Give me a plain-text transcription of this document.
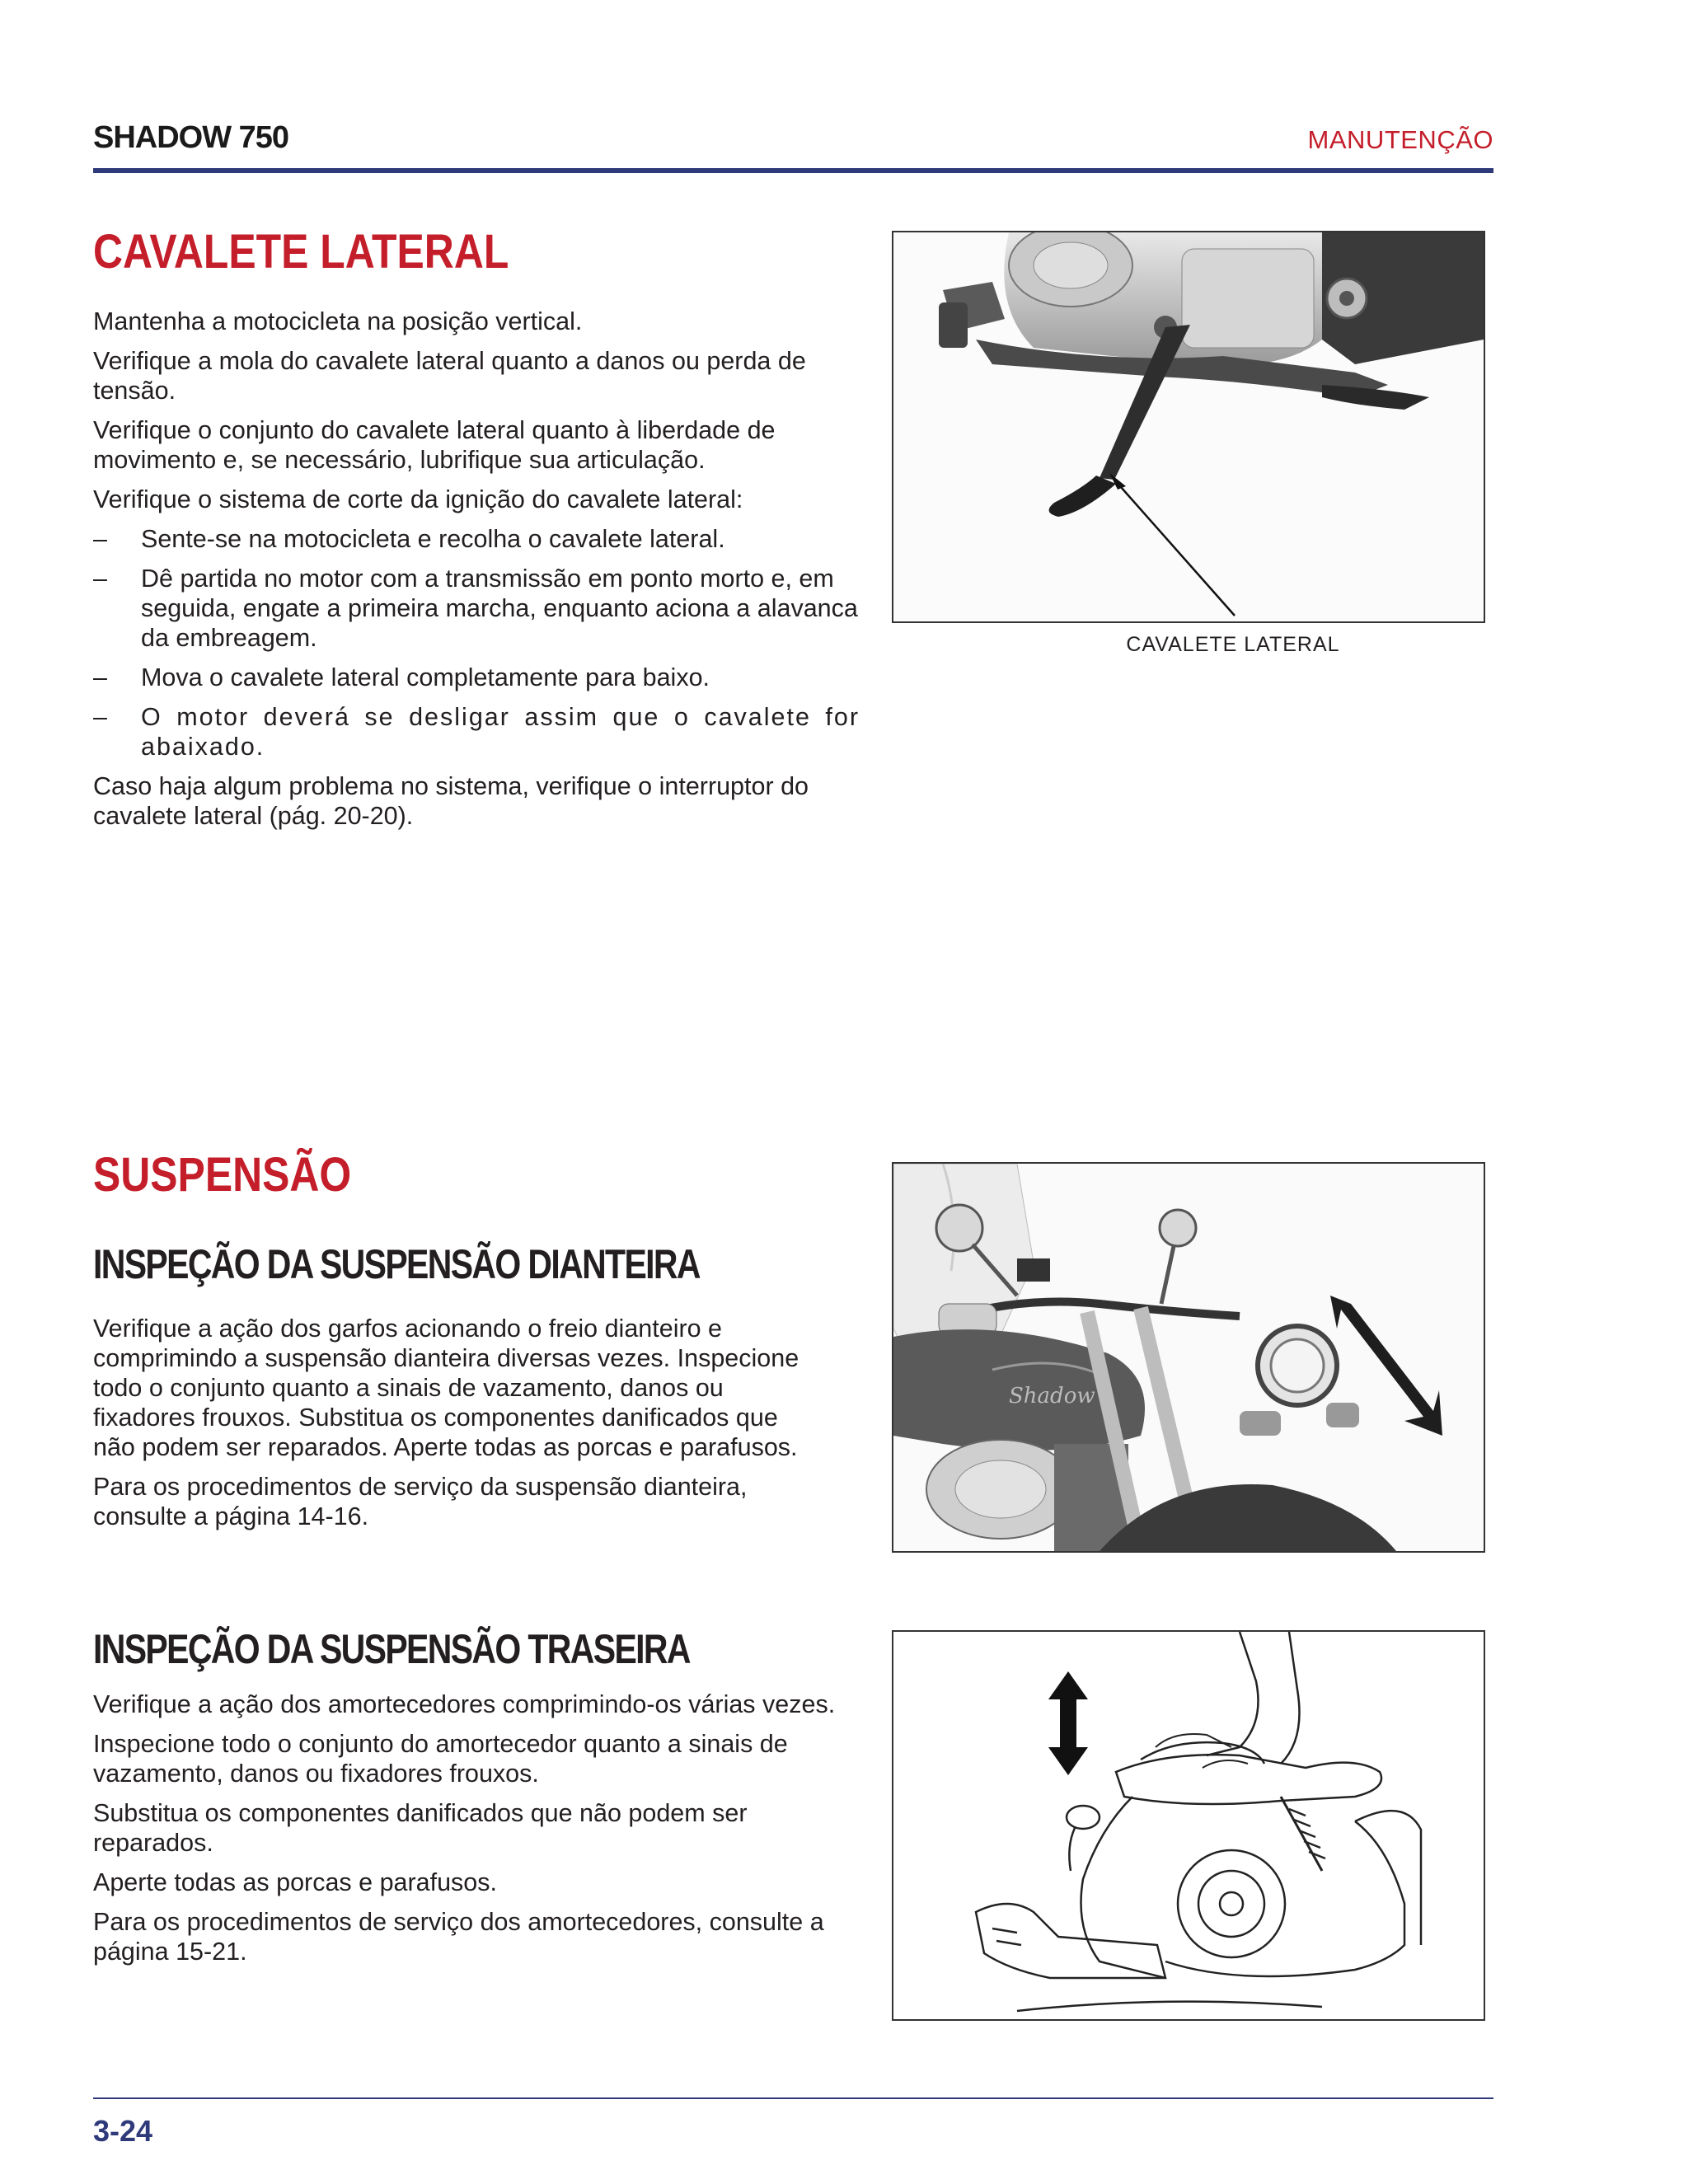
SHADOW 750	MANUTENÇÃO
CAVALETE LATERAL

Mantenha a motocicleta na posição vertical.

Verifique a mola do cavalete lateral quanto a danos ou perda de tensão.

Verifique o conjunto do cavalete lateral quanto à liberdade de movimento e, se necessário, lubrifique sua articulação.

Verifique o sistema de corte da ignição do cavalete lateral:

– Sente-se na motocicleta e recolha o cavalete lateral.
– Dê partida no motor com a transmissão em ponto morto e, em seguida, engate a primeira marcha, enquanto aciona a alavanca da embreagem.
– Mova o cavalete lateral completamente para baixo.
– O motor deverá se desligar assim que o cavalete for abaixado.

Caso haja algum problema no sistema, verifique o interruptor do cavalete lateral (pág. 20-20).

CAVALETE LATERAL
SUSPENSÃO
INSPEÇÃO DA SUSPENSÃO DIANTEIRA

Verifique a ação dos garfos acionando o freio dianteiro e comprimindo a suspensão dianteira diversas vezes. Inspecione todo o conjunto quanto a sinais de vazamento, danos ou fixadores frouxos. Substitua os componentes danificados que não podem ser reparados. Aperte todas as porcas e parafusos.

Para os procedimentos de serviço da suspensão dianteira, consulte a página 14-16.

Shadow
INSPEÇÃO DA SUSPENSÃO TRASEIRA

Verifique a ação dos amortecedores comprimindo-os várias vezes.

Inspecione todo o conjunto do amortecedor quanto a sinais de vazamento, danos ou fixadores frouxos.

Substitua os componentes danificados que não podem ser reparados.

Aperte todas as porcas e parafusos.

Para os procedimentos de serviço dos amortecedores, consulte a página 15-21.

3-24
